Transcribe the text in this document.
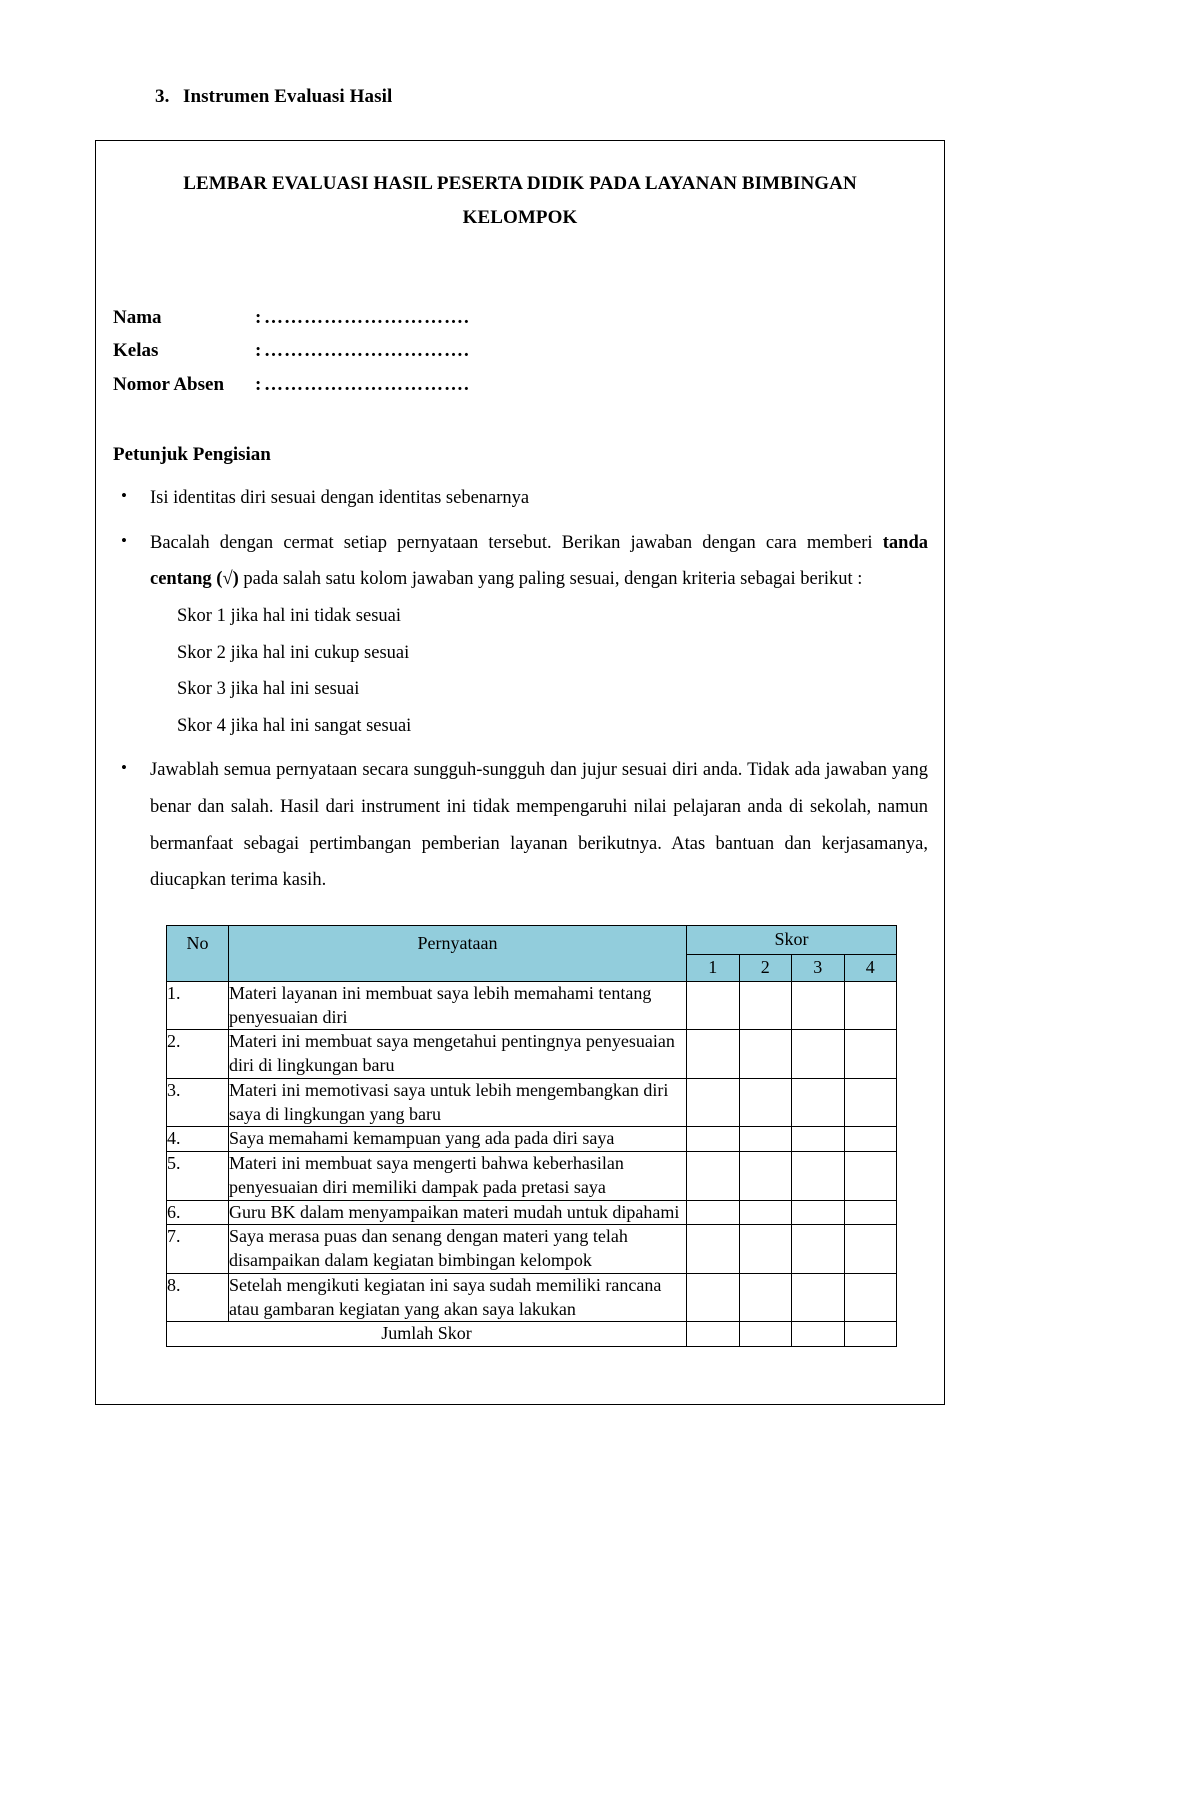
3. Instrumen Evaluasi Hasil
LEMBAR EVALUASI HASIL PESERTA DIDIK PADA LAYANAN BIMBINGAN KELOMPOK
Nama	: ………………………….
Kelas	: ………………………….
Nomor Absen	: ………………………….
Petunjuk Pengisian
• Isi identitas diri sesuai dengan identitas sebenarnya
• Bacalah dengan cermat setiap pernyataan tersebut. Berikan jawaban dengan cara memberi tanda centang (√) pada salah satu kolom jawaban yang paling sesuai, dengan kriteria sebagai berikut :
Skor 1 jika hal ini tidak sesuai
Skor 2 jika hal ini cukup sesuai
Skor 3 jika hal ini sesuai
Skor 4 jika hal ini sangat sesuai
• Jawablah semua pernyataan secara sungguh-sungguh dan jujur sesuai diri anda. Tidak ada jawaban yang benar dan salah. Hasil dari instrument ini tidak mempengaruhi nilai pelajaran anda di sekolah, namun bermanfaat sebagai pertimbangan pemberian layanan berikutnya. Atas bantuan dan kerjasamanya, diucapkan terima kasih.
No	Pernyataan	Skor			

		1	2	3	4

1.	Materi layanan ini membuat saya lebih memahami tentang penyesuaian diri				
2.	Materi ini membuat saya mengetahui pentingnya penyesuaian diri di lingkungan baru				
3.	Materi ini memotivasi saya untuk lebih mengembangkan diri saya di lingkungan yang baru				
4.	Saya memahami kemampuan yang ada pada diri saya				
5.	Materi ini membuat saya mengerti bahwa keberhasilan penyesuaian diri memiliki dampak pada pretasi saya				
6.	Guru BK dalam menyampaikan materi mudah untuk dipahami				
7.	Saya merasa puas dan senang dengan materi yang telah disampaikan dalam kegiatan bimbingan kelompok				
8.	Setelah mengikuti kegiatan ini saya sudah memiliki rancana atau gambaran kegiatan yang akan saya lakukan				
Jumlah Skor					
